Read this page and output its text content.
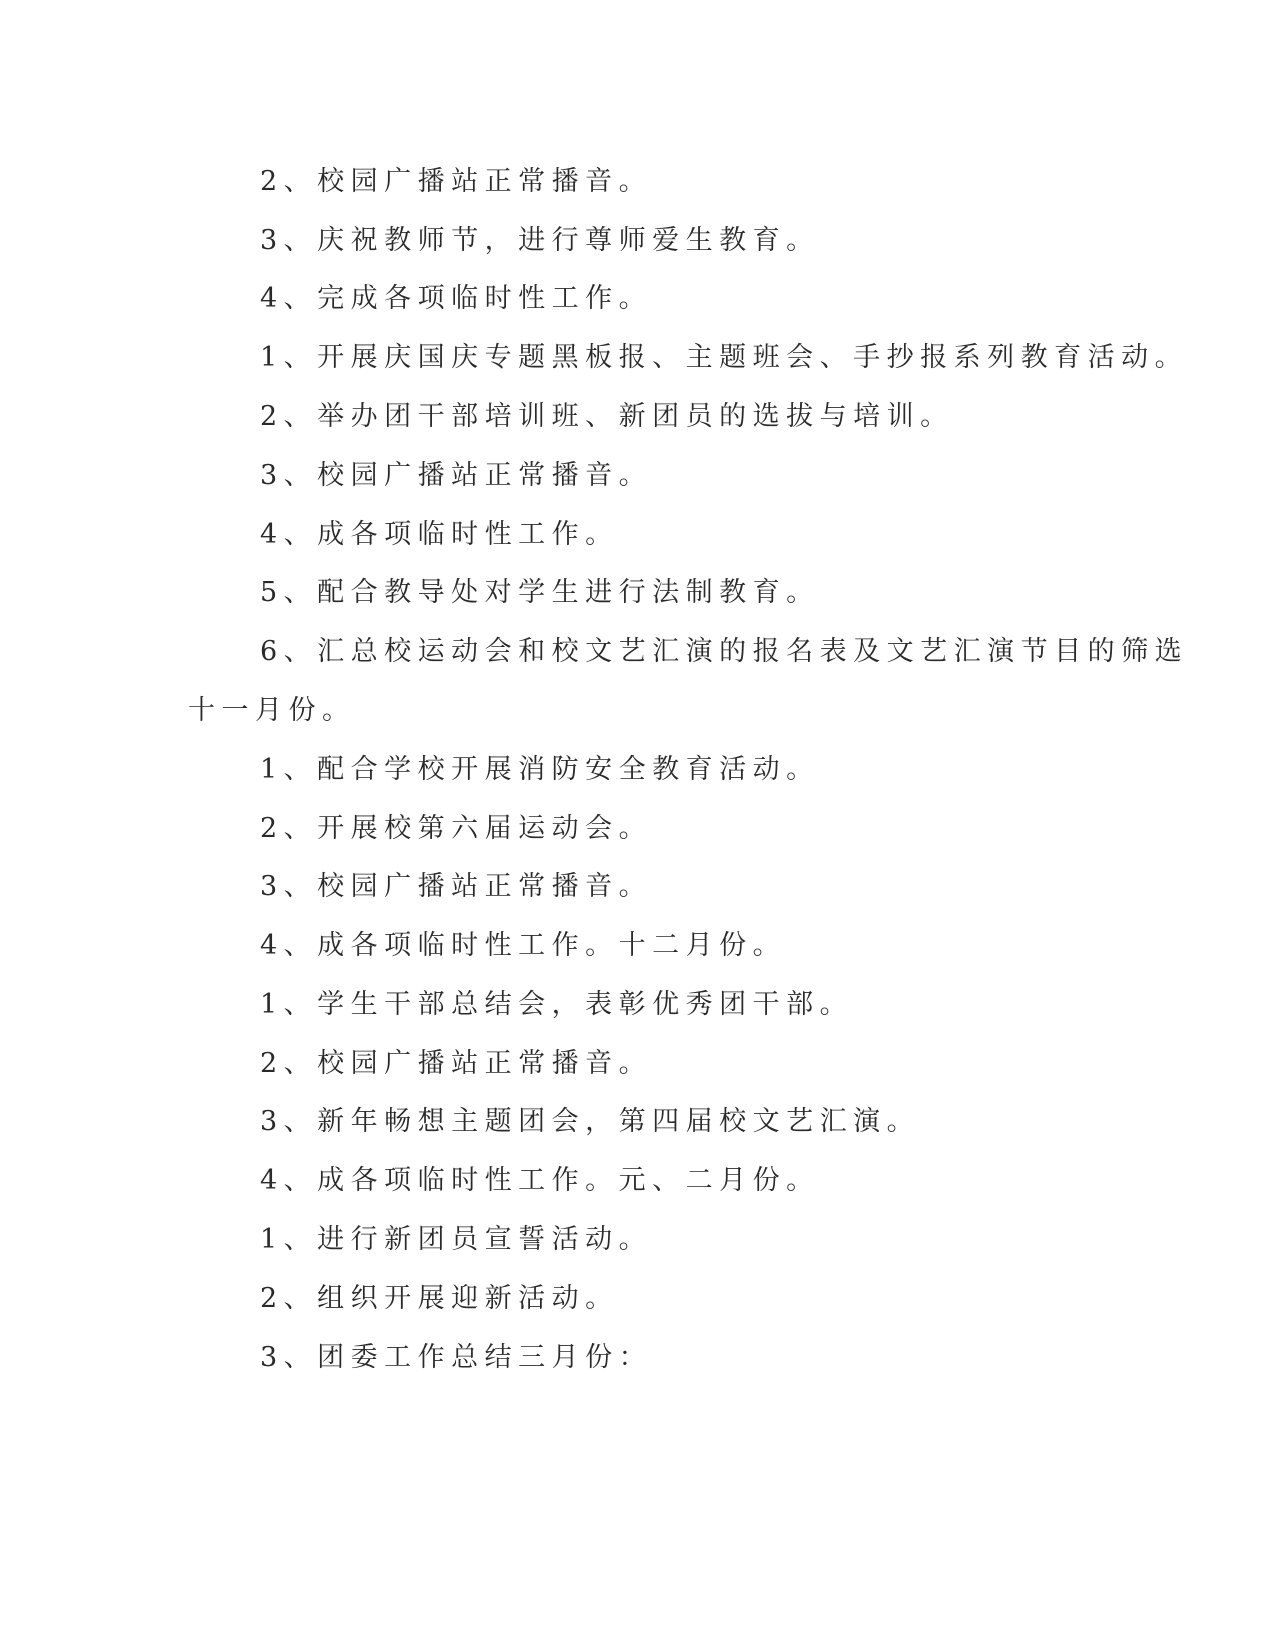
2、校园广播站正常播音。
3、庆祝教师节，进行尊师爱生教育。
4、完成各项临时性工作。
1、开展庆国庆专题黑板报、主题班会、手抄报系列教育活动。
2、举办团干部培训班、新团员的选拔与培训。
3、校园广播站正常播音。
4、成各项临时性工作。
5、配合教导处对学生进行法制教育。
6、汇总校运动会和校文艺汇演的报名表及文艺汇演节目的筛选
十一月份。
1、配合学校开展消防安全教育活动。
2、开展校第六届运动会。
3、校园广播站正常播音。
4、成各项临时性工作。十二月份。
1、学生干部总结会，表彰优秀团干部。
2、校园广播站正常播音。
3、新年畅想主题团会，第四届校文艺汇演。
4、成各项临时性工作。元、二月份。
1、进行新团员宣誓活动。
2、组织开展迎新活动。
3、团委工作总结三月份：
